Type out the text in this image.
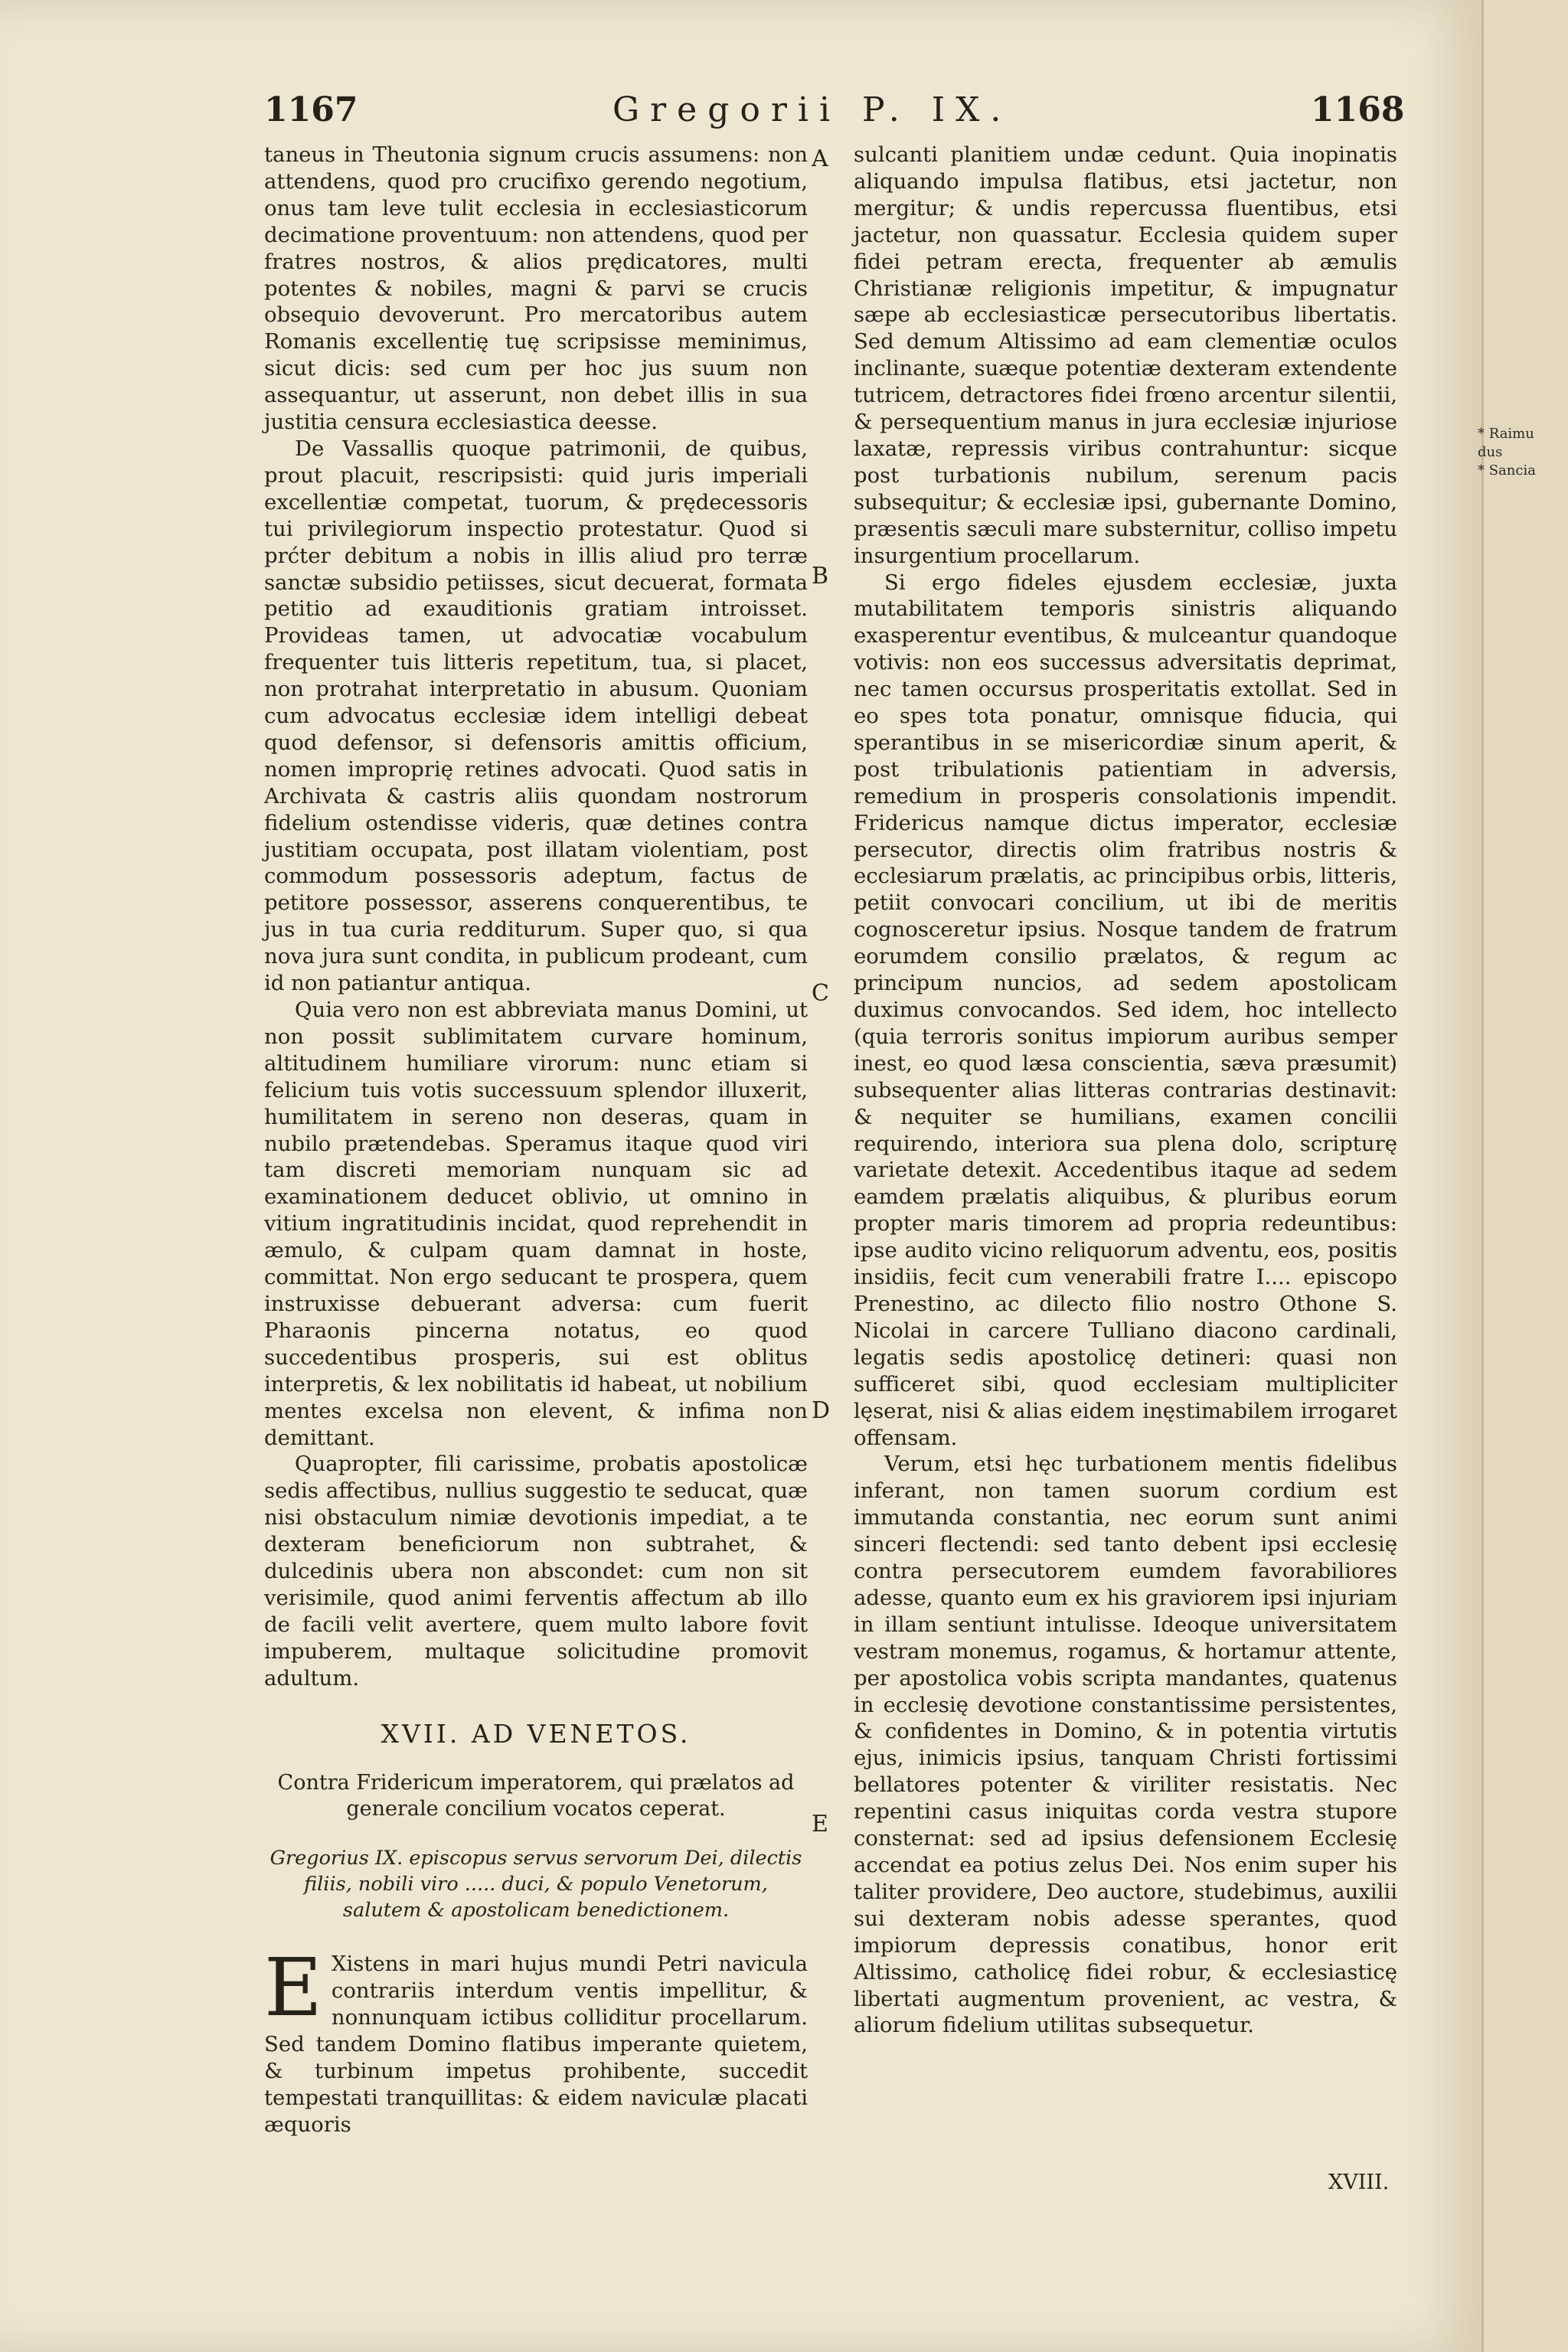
1167	Gregorii P. IX.	1168

taneus in Theutonia signum crucis assumens: non attendens, quod pro crucifixo gerendo negotium, onus tam leve tulit ecclesia in ecclesiasticorum decimatione proventuum: non attendens, quod per fratres nostros, & alios prędicatores, multi potentes & nobiles, magni & parvi se crucis obsequio devoverunt. Pro mercatoribus autem Romanis excellentię tuę scripsisse meminimus, sicut dicis: sed cum per hoc jus suum non assequantur, ut asserunt, non debet illis in sua justitia censura ecclesiastica deesse.

De Vassallis quoque patrimonii, de quibus, prout placuit, rescripsisti: quid juris imperiali excellentiæ competat, tuorum, & prędecessoris tui privilegiorum inspectio protestatur. Quod si prćter debitum a nobis in illis aliud pro terræ sanctæ subsidio petiisses, sicut decuerat, formata petitio ad exauditionis gratiam introisset. Provideas tamen, ut advocatiæ vocabulum frequenter tuis litteris repetitum, tua, si placet, non protrahat interpretatio in abusum. Quoniam cum advocatus ecclesiæ idem intelligi debeat quod defensor, si defensoris amittis officium, nomen improprię retines advocati. Quod satis in Archivata & castris aliis quondam nostrorum fidelium ostendisse videris, quæ detines contra justitiam occupata, post illatam violentiam, post commodum possessoris adeptum, factus de petitore possessor, asserens conquerentibus, te jus in tua curia redditurum. Super quo, si qua nova jura sunt condita, in publicum prodeant, cum id non patiantur antiqua.

Quia vero non est abbreviata manus Domini, ut non possit sublimitatem curvare hominum, altitudinem humiliare virorum: nunc etiam si felicium tuis votis successuum splendor illuxerit, humilitatem in sereno non deseras, quam in nubilo prætendebas. Speramus itaque quod viri tam discreti memoriam nunquam sic ad examinationem deducet oblivio, ut omnino in vitium ingratitudinis incidat, quod reprehendit in æmulo, & culpam quam damnat in hoste, committat. Non ergo seducant te prospera, quem instruxisse debuerant adversa: cum fuerit Pharaonis pincerna notatus, eo quod succedentibus prosperis, sui est oblitus interpretis, & lex nobilitatis id habeat, ut nobilium mentes excelsa non elevent, & infima non demittant.

Quapropter, fili carissime, probatis apostolicæ sedis affectibus, nullius suggestio te seducat, quæ nisi obstaculum nimiæ devotionis impediat, a te dexteram beneficiorum non subtrahet, & dulcedinis ubera non abscondet: cum non sit verisimile, quod animi ferventis affectum ab illo de facili velit avertere, quem multo labore fovit impuberem, multaque solicitudine promovit adultum.

XVII. AD VENETOS.
Contra Fridericum imperatorem, qui prælatos ad generale concilium vocatos ceperat.
Gregorius IX. episcopus servus servorum Dei, dilectis filiis, nobili viro ..... duci, & populo Venetorum, salutem & apostolicam benedictionem.

E Xistens in mari hujus mundi Petri navicula contrariis interdum ventis impellitur, & nonnunquam ictibus colliditur procellarum. Sed tandem Domino flatibus imperante quietem, & turbinum impetus prohibente, succedit tempestati tranquillitas: & eidem naviculæ placati æquoris

A
B
C
D
E

sulcanti planitiem undæ cedunt. Quia inopinatis aliquando impulsa flatibus, etsi jactetur, non mergitur; & undis repercussa fluentibus, etsi jactetur, non quassatur. Ecclesia quidem super fidei petram erecta, frequenter ab æmulis Christianæ religionis impetitur, & impugnatur sæpe ab ecclesiasticæ persecutoribus libertatis. Sed demum Altissimo ad eam clementiæ oculos inclinante, suæque potentiæ dexteram extendente tutricem, detractores fidei frœno arcentur silentii, & persequentium manus in jura ecclesiæ injuriose laxatæ, repressis viribus contrahuntur: sicque post turbationis nubilum, serenum pacis subsequitur; & ecclesiæ ipsi, gubernante Domino, præsentis sæculi mare substernitur, colliso impetu insurgentium procellarum.

Si ergo fideles ejusdem ecclesiæ, juxta mutabilitatem temporis sinistris aliquando exasperentur eventibus, & mulceantur quandoque votivis: non eos successus adversitatis deprimat, nec tamen occursus prosperitatis extollat. Sed in eo spes tota ponatur, omnisque fiducia, qui sperantibus in se misericordiæ sinum aperit, & post tribulationis patientiam in adversis, remedium in prosperis consolationis impendit. Fridericus namque dictus imperator, ecclesiæ persecutor, directis olim fratribus nostris & ecclesiarum prælatis, ac principibus orbis, litteris, petiit convocari concilium, ut ibi de meritis cognosceretur ipsius. Nosque tandem de fratrum eorumdem consilio prælatos, & regum ac principum nuncios, ad sedem apostolicam duximus convocandos. Sed idem, hoc intellecto (quia terroris sonitus impiorum auribus semper inest, eo quod læsa conscientia, sæva præsumit) subsequenter alias litteras contrarias destinavit: & nequiter se humilians, examen concilii requirendo, interiora sua plena dolo, scripturę varietate detexit. Accedentibus itaque ad sedem eamdem prælatis aliquibus, & pluribus eorum propter maris timorem ad propria redeuntibus: ipse audito vicino reliquorum adventu, eos, positis insidiis, fecit cum venerabili fratre I.... episcopo Prenestino, ac dilecto filio nostro Othone S. Nicolai in carcere Tulliano diacono cardinali, legatis sedis apostolicę detineri: quasi non sufficeret sibi, quod ecclesiam multipliciter lęserat, nisi & alias eidem inęstimabilem irrogaret offensam.

Verum, etsi hęc turbationem mentis fidelibus inferant, non tamen suorum cordium est immutanda constantia, nec eorum sunt animi sinceri flectendi: sed tanto debent ipsi ecclesię contra persecutorem eumdem favorabiliores adesse, quanto eum ex his graviorem ipsi injuriam in illam sentiunt intulisse. Ideoque universitatem vestram monemus, rogamus, & hortamur attente, per apostolica vobis scripta mandantes, quatenus in ecclesię devotione constantissime persistentes, & confidentes in Domino, & in potentia virtutis ejus, inimicis ipsius, tanquam Christi fortissimi bellatores potenter & viriliter resistatis. Nec repentini casus iniquitas corda vestra stupore consternat: sed ad ipsius defensionem Ecclesię accendat ea potius zelus Dei. Nos enim super his taliter providere, Deo auctore, studebimus, auxilii sui dexteram nobis adesse sperantes, quod impiorum depressis conatibus, honor erit Altissimo, catholicę fidei robur, & ecclesiasticę libertati augmentum provenient, ac vestra, & aliorum fidelium utilitas subsequetur.

XVIII.
* Raimu
dus
* Sancia
